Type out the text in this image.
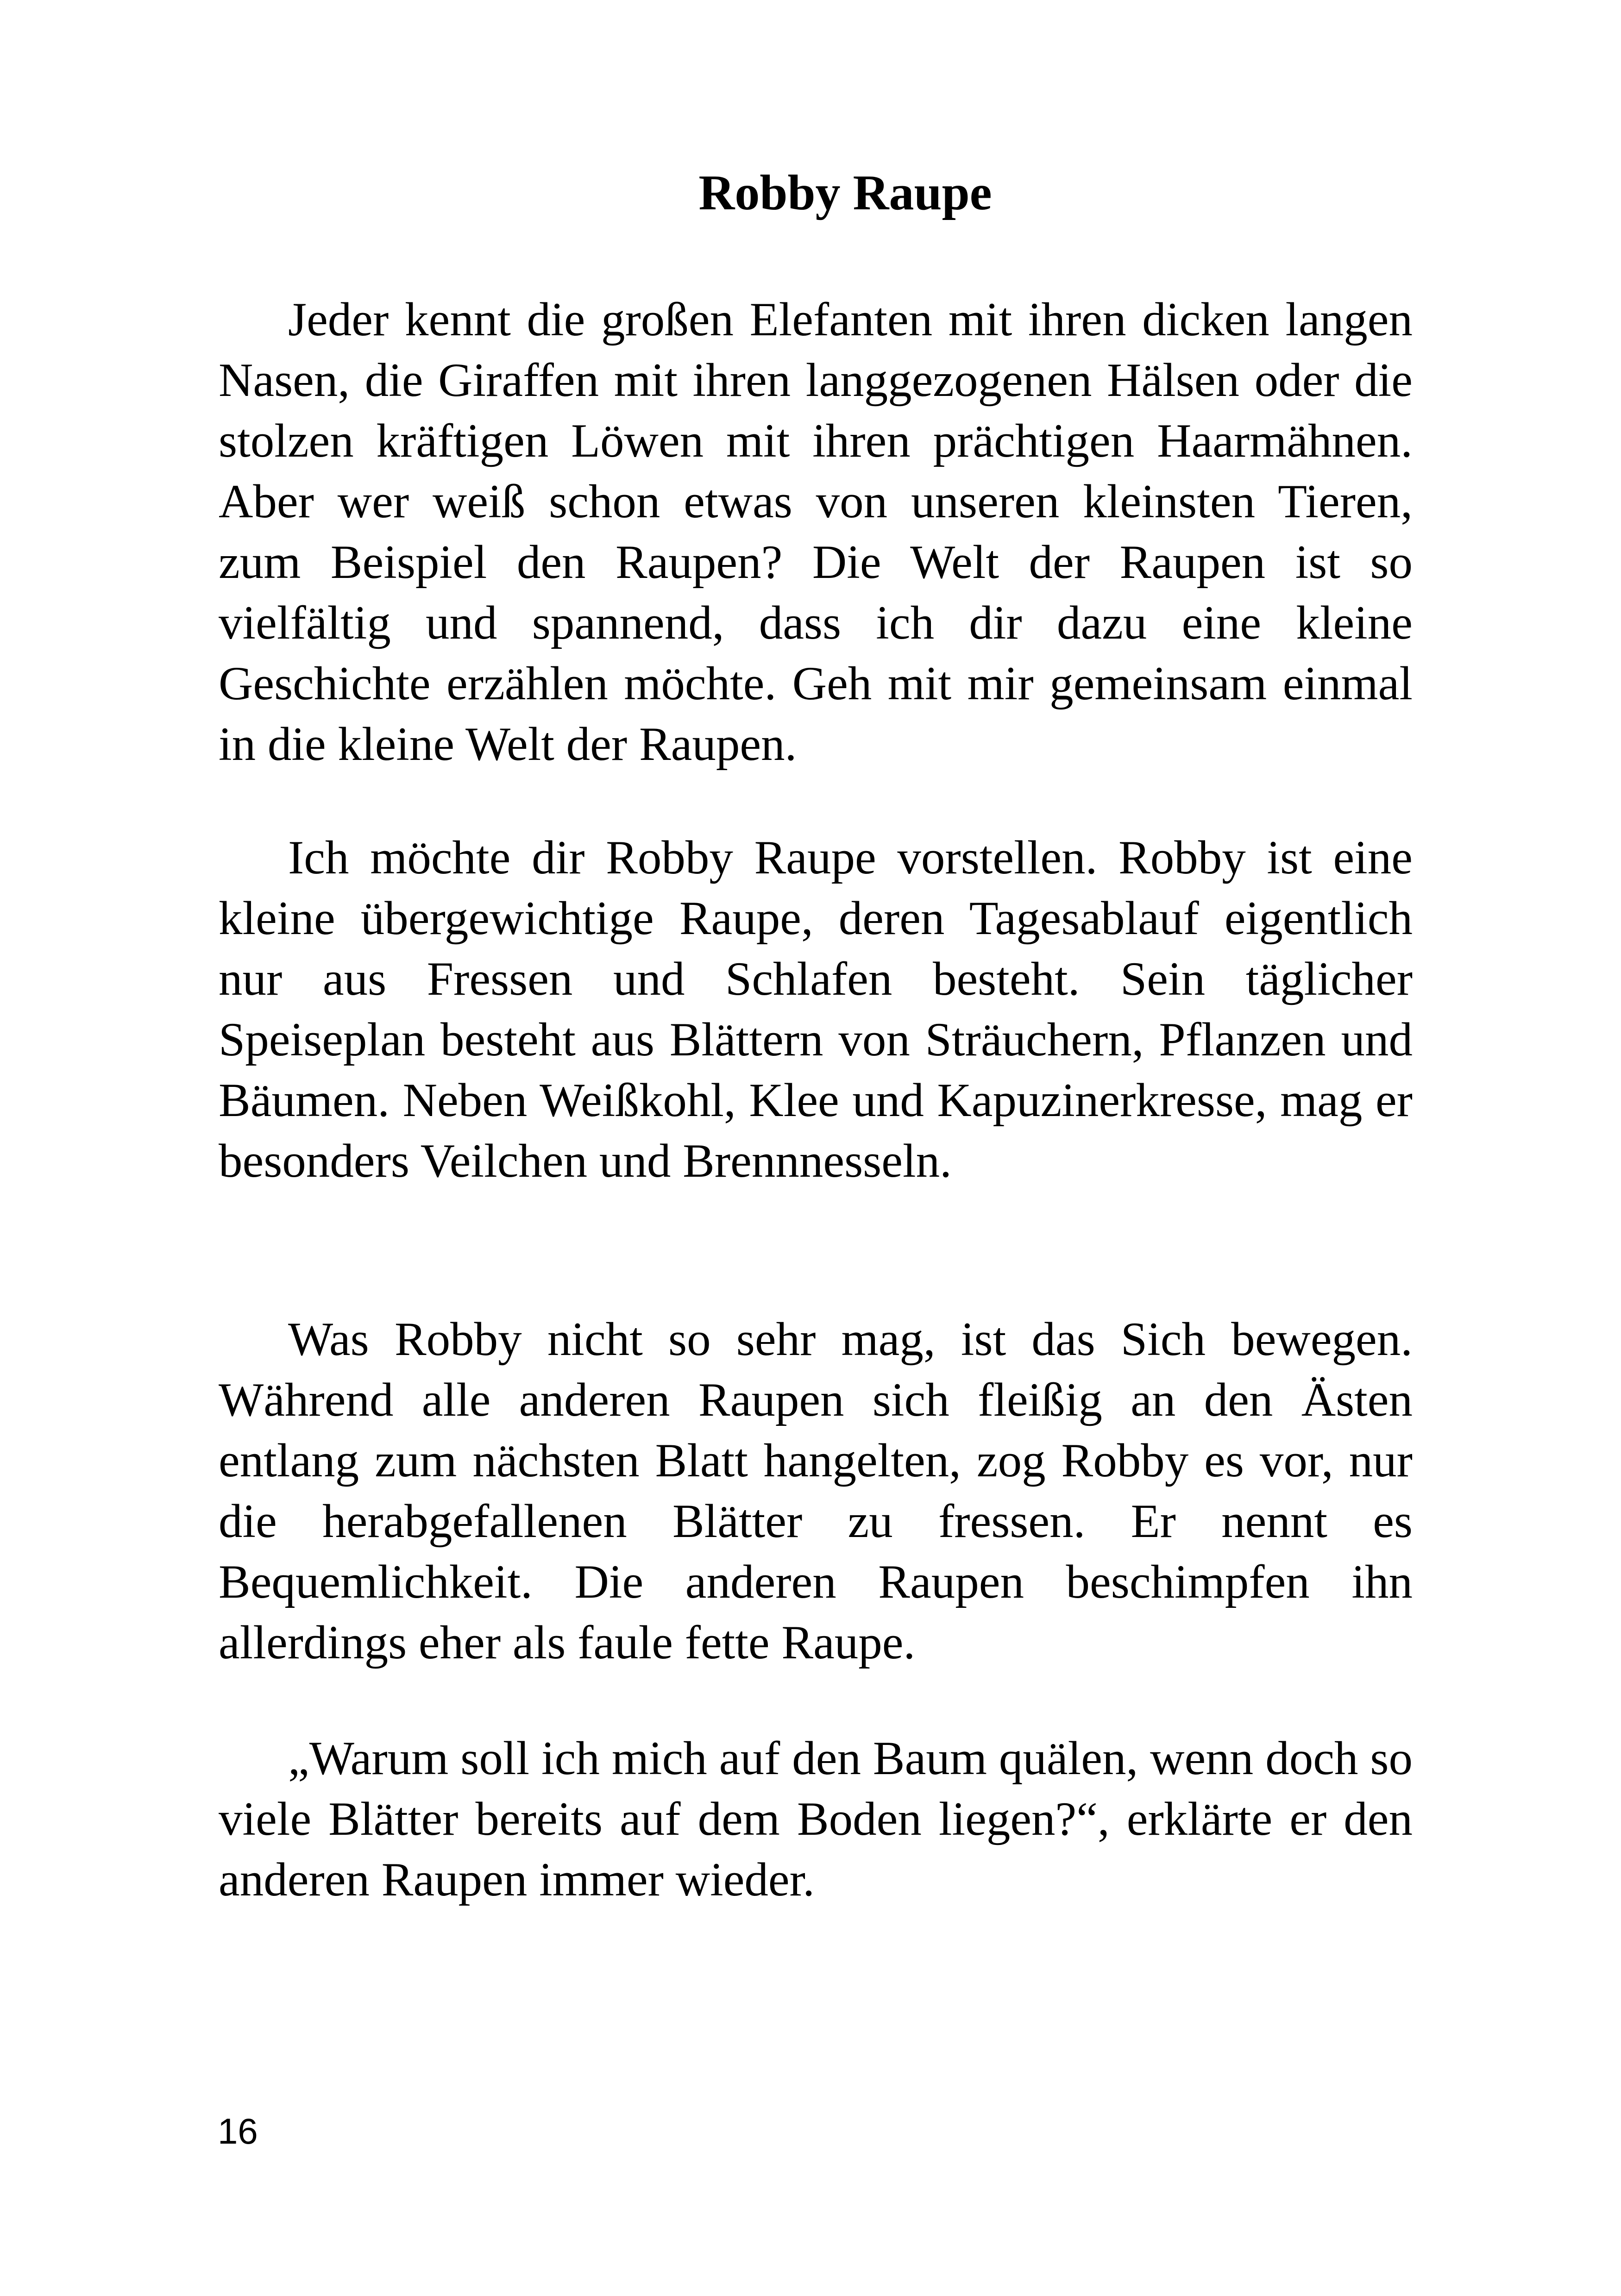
Robby Raupe

Jeder kennt die großen Elefanten mit ihren dicken langen Nasen, die Giraffen mit ihren langgezogenen Hälsen oder die stolzen kräftigen Löwen mit ihren prächtigen Haarmähnen. Aber wer weiß schon etwas von unseren kleinsten Tieren, zum Beispiel den Raupen? Die Welt der Raupen ist so vielfältig und spannend, dass ich dir dazu eine kleine Geschichte erzählen möchte. Geh mit mir gemeinsam einmal in die kleine Welt der Raupen.

Ich möchte dir Robby Raupe vorstellen. Robby ist eine kleine übergewichtige Raupe, deren Tagesablauf eigentlich nur aus Fressen und Schlafen besteht. Sein täglicher Speiseplan besteht aus Blättern von Sträuchern, Pflanzen und Bäumen. Neben Weißkohl, Klee und Kapuzinerkresse, mag er besonders Veilchen und Brennnesseln.

Was Robby nicht so sehr mag, ist das Sich bewegen. Während alle anderen Raupen sich fleißig an den Ästen entlang zum nächsten Blatt hangelten, zog Robby es vor, nur die herabgefallenen Blätter zu fressen. Er nennt es Bequemlichkeit. Die anderen Raupen beschimpfen ihn allerdings eher als faule fette Raupe.

„Warum soll ich mich auf den Baum quälen, wenn doch so viele Blätter bereits auf dem Boden liegen?“, erklärte er den anderen Raupen immer wieder.

16
